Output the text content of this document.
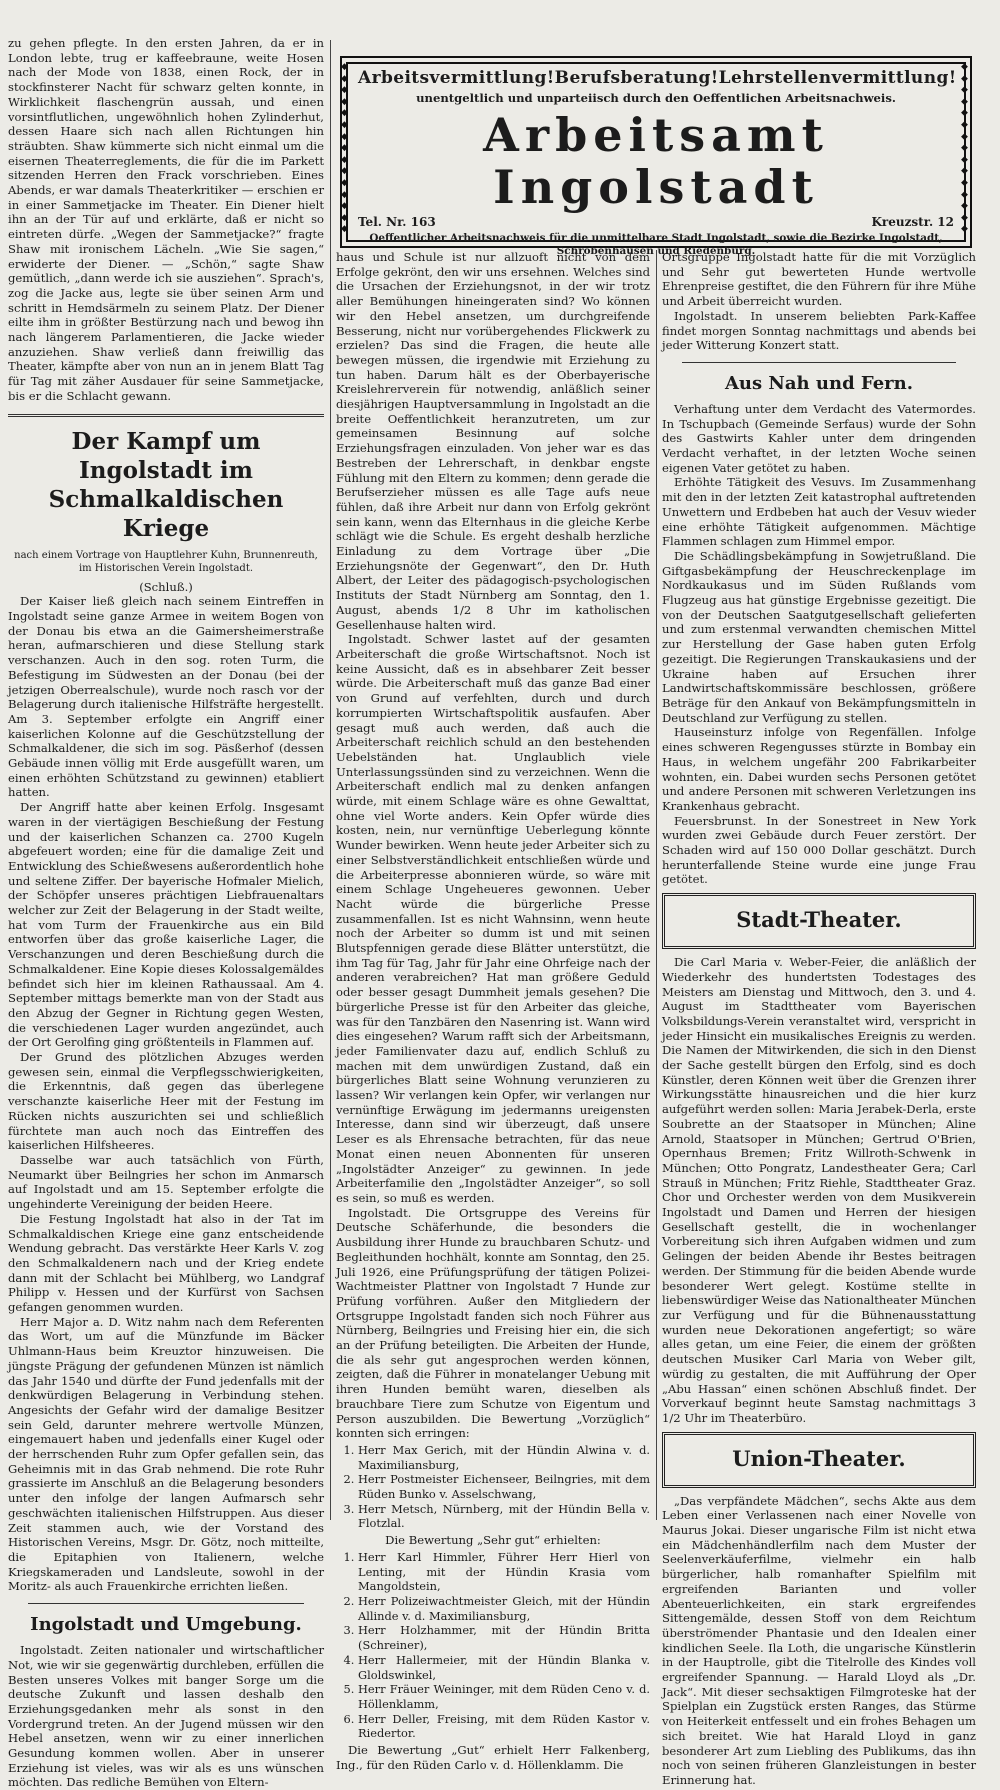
zu gehen pflegte. In den ersten Jahren, da er in London lebte, trug er kaffeebraune, weite Hosen nach der Mode von 1838, einen Rock, der in stockfinsterer Nacht für schwarz gelten konnte, in Wirklichkeit flaschengrün aussah, und einen vorsintflutlichen, ungewöhnlich hohen Zylinderhut, dessen Haare sich nach allen Richtungen hin sträubten. Shaw kümmerte sich nicht einmal um die eisernen Theaterreglements, die für die im Parkett sitzenden Herren den Frack vorschrieben. Eines Abends, er war damals Theaterkritiker — erschien er in einer Sammetjacke im Theater. Ein Diener hielt ihn an der Tür auf und erklärte, daß er nicht so eintreten dürfe. „Wegen der Sammetjacke?“ fragte Shaw mit ironischem Lächeln. „Wie Sie sagen,“ erwiderte der Diener. — „Schön,“ sagte Shaw gemütlich, „dann werde ich sie ausziehen“. Sprach's, zog die Jacke aus, legte sie über seinen Arm und schritt in Hemdsärmeln zu seinem Platz. Der Diener eilte ihm in größter Bestürzung nach und bewog ihn nach längerem Parlamentieren, die Jacke wieder anzuziehen. Shaw verließ dann freiwillig das Theater, kämpfte aber von nun an in jenem Blatt Tag für Tag mit zäher Ausdauer für seine Sammetjacke, bis er die Schlacht gewann.

Der Kampf um Ingolstadt im Schmalkaldischen Kriege
nach einem Vortrage von Hauptlehrer Kuhn, Brunnenreuth, im Historischen Verein Ingolstadt.
(Schluß.)

Der Kaiser ließ gleich nach seinem Eintreffen in Ingolstadt seine ganze Armee in weitem Bogen von der Donau bis etwa an die Gaimersheimerstraße heran, aufmarschieren und diese Stellung stark verschanzen. Auch in den sog. roten Turm, die Befestigung im Südwesten an der Donau (bei der jetzigen Oberrealschule), wurde noch rasch vor der Belagerung durch italienische Hilfsträfte hergestellt. Am 3. September erfolgte ein Angriff einer kaiserlichen Kolonne auf die Geschützstellung der Schmalkaldener, die sich im sog. Päsßerhof (dessen Gebäude innen völlig mit Erde ausgefüllt waren, um einen erhöhten Schützstand zu gewinnen) etabliert hatten.

Der Angriff hatte aber keinen Erfolg. Insgesamt waren in der viertägigen Beschießung der Festung und der kaiserlichen Schanzen ca. 2700 Kugeln abgefeuert worden; eine für die damalige Zeit und Entwicklung des Schießwesens außerordentlich hohe und seltene Ziffer. Der bayerische Hofmaler Mielich, der Schöpfer unseres prächtigen Liebfrauenaltars welcher zur Zeit der Belagerung in der Stadt weilte, hat vom Turm der Frauenkirche aus ein Bild entworfen über das große kaiserliche Lager, die Verschanzungen und deren Beschießung durch die Schmalkaldener. Eine Kopie dieses Kolossalgemäldes befindet sich hier im kleinen Rathaussaal. Am 4. September mittags bemerkte man von der Stadt aus den Abzug der Gegner in Richtung gegen Westen, die verschiedenen Lager wurden angezündet, auch der Ort Gerolfing ging größtenteils in Flammen auf.

Der Grund des plötzlichen Abzuges werden gewesen sein, einmal die Verpflegsschwierigkeiten, die Erkenntnis, daß gegen das überlegene verschanzte kaiserliche Heer mit der Festung im Rücken nichts auszurichten sei und schließlich fürchtete man auch noch das Eintreffen des kaiserlichen Hilfsheeres.

Dasselbe war auch tatsächlich von Fürth, Neumarkt über Beilngries her schon im Anmarsch auf Ingolstadt und am 15. September erfolgte die ungehinderte Vereinigung der beiden Heere.

Die Festung Ingolstadt hat also in der Tat im Schmalkaldischen Kriege eine ganz entscheidende Wendung gebracht. Das verstärkte Heer Karls V. zog den Schmalkaldenern nach und der Krieg endete dann mit der Schlacht bei Mühlberg, wo Landgraf Philipp v. Hessen und der Kurfürst von Sachsen gefangen genommen wurden.

Herr Major a. D. Witz nahm nach dem Referenten das Wort, um auf die Münzfunde im Bäcker Uhlmann-Haus beim Kreuztor hinzuweisen. Die jüngste Prägung der gefundenen Münzen ist nämlich das Jahr 1540 und dürfte der Fund jedenfalls mit der denkwürdigen Belagerung in Verbindung stehen. Angesichts der Gefahr wird der damalige Besitzer sein Geld, darunter mehrere wertvolle Münzen, eingemauert haben und jedenfalls einer Kugel oder der herrschenden Ruhr zum Opfer gefallen sein, das Geheimnis mit in das Grab nehmend. Die rote Ruhr grassierte im Anschluß an die Belagerung besonders unter den infolge der langen Aufmarsch sehr geschwächten italienischen Hilfstruppen. Aus dieser Zeit stammen auch, wie der Vorstand des Historischen Vereins, Msgr. Dr. Götz, noch mitteilte, die Epitaphien von Italienern, welche Kriegskameraden und Landsleute, sowohl in der Moritz- als auch Frauenkirche errichten ließen.

Ingolstadt und Umgebung.

Ingolstadt. Zeiten nationaler und wirtschaftlicher Not, wie wir sie gegenwärtig durchleben, erfüllen die Besten unseres Volkes mit banger Sorge um die deutsche Zukunft und lassen deshalb den Erziehungsgedanken mehr als sonst in den Vordergrund treten. An der Jugend müssen wir den Hebel ansetzen, wenn wir zu einer innerlichen Gesundung kommen wollen. Aber in unserer Erziehung ist vieles, was wir als es uns wünschen möchten. Das redliche Bemühen von Eltern-

◆
◆
◆
◆
◆
◆
◆
◆
◆
◆
◆
◆
◆
◆
◆
◆
◆
◆
◆
◆
◆
◆
◆
◆
◆
◆
◆
◆
◆
◆
Arbeitsvermittlung! Berufsberatung! Lehrstellenvermittlung!
unentgeltlich und unparteiisch durch den Oeffentlichen Arbeitsnachweis.
Arbeitsamt Ingolstadt
Tel. Nr. 163	Kreuzstr. 12
Oeffentlicher Arbeitsnachweis für die unmittelbare Stadt Ingolstadt, sowie die Bezirke Ingolstadt, Schrobenhausen und Riedenburg.

haus und Schule ist nur allzuoft nicht von dem Erfolge gekrönt, den wir uns ersehnen. Welches sind die Ursachen der Erziehungsnot, in der wir trotz aller Bemühungen hineingeraten sind? Wo können wir den Hebel ansetzen, um durchgreifende Besserung, nicht nur vorübergehendes Flickwerk zu erzielen? Das sind die Fragen, die heute alle bewegen müssen, die irgendwie mit Erziehung zu tun haben. Darum hält es der Oberbayerische Kreislehrerverein für notwendig, anläßlich seiner diesjährigen Hauptversammlung in Ingolstadt an die breite Oeffentlichkeit heranzutreten, um zur gemeinsamen Besinnung auf solche Erziehungsfragen einzuladen. Von jeher war es das Bestreben der Lehrerschaft, in denkbar engste Fühlung mit den Eltern zu kommen; denn gerade die Berufserzieher müssen es alle Tage aufs neue fühlen, daß ihre Arbeit nur dann von Erfolg gekrönt sein kann, wenn das Elternhaus in die gleiche Kerbe schlägt wie die Schule. Es ergeht deshalb herzliche Einladung zu dem Vortrage über „Die Erziehungsnöte der Gegenwart“, den Dr. Huth Albert, der Leiter des pädagogisch-psychologischen Instituts der Stadt Nürnberg am Sonntag, den 1. August, abends 1/2 8 Uhr im katholischen Gesellenhause halten wird.

Ingolstadt. Schwer lastet auf der gesamten Arbeiterschaft die große Wirtschaftsnot. Noch ist keine Aussicht, daß es in absehbarer Zeit besser würde. Die Arbeiterschaft muß das ganze Bad einer von Grund auf verfehlten, durch und durch korrumpierten Wirtschaftspolitik ausfaufen. Aber gesagt muß auch werden, daß auch die Arbeiterschaft reichlich schuld an den bestehenden Uebelständen hat. Unglaublich viele Unterlassungssünden sind zu verzeichnen. Wenn die Arbeiterschaft endlich mal zu denken anfangen würde, mit einem Schlage wäre es ohne Gewalttat, ohne viel Worte anders. Kein Opfer würde dies kosten, nein, nur vernünftige Ueberlegung könnte Wunder bewirken. Wenn heute jeder Arbeiter sich zu einer Selbstverständlichkeit entschließen würde und die Arbeiterpresse abonnieren würde, so wäre mit einem Schlage Ungeheueres gewonnen. Ueber Nacht würde die bürgerliche Presse zusammenfallen. Ist es nicht Wahnsinn, wenn heute noch der Arbeiter so dumm ist und mit seinen Blutspfennigen gerade diese Blätter unterstützt, die ihm Tag für Tag, Jahr für Jahr eine Ohrfeige nach der anderen verabreichen? Hat man größere Geduld oder besser gesagt Dummheit jemals gesehen? Die bürgerliche Presse ist für den Arbeiter das gleiche, was für den Tanzbären den Nasenring ist. Wann wird dies eingesehen? Warum rafft sich der Arbeitsmann, jeder Familienvater dazu auf, endlich Schluß zu machen mit dem unwürdigen Zustand, daß ein bürgerliches Blatt seine Wohnung verunzieren zu lassen? Wir verlangen kein Opfer, wir verlangen nur vernünftige Erwägung im jedermanns ureigensten Interesse, dann sind wir überzeugt, daß unsere Leser es als Ehrensache betrachten, für das neue Monat einen neuen Abonnenten für unseren „Ingolstädter Anzeiger“ zu gewinnen. In jede Arbeiterfamilie den „Ingolstädter Anzeiger“, so soll es sein, so muß es werden.

Ingolstadt. Die Ortsgruppe des Vereins für Deutsche Schäferhunde, die besonders die Ausbildung ihrer Hunde zu brauchbaren Schutz- und Begleithunden hochhält, konnte am Sonntag, den 25. Juli 1926, eine Prüfungsprüfung der tätigen Polizei-Wachtmeister Plattner von Ingolstadt 7 Hunde zur Prüfung vorführen. Außer den Mitgliedern der Ortsgruppe Ingolstadt fanden sich noch Führer aus Nürnberg, Beilngries und Freising hier ein, die sich an der Prüfung beteiligten. Die Arbeiten der Hunde, die als sehr gut angesprochen werden können, zeigten, daß die Führer in monatelanger Uebung mit ihren Hunden bemüht waren, dieselben als brauchbare Tiere zum Schutze von Eigentum und Person auszubilden. Die Bewertung „Vorzüglich“ konnten sich erringen:

1. Herr Max Gerich, mit der Hündin Alwina v. d. Maximiliansburg,
2. Herr Postmeister Eichenseer, Beilngries, mit dem Rüden Bunko v. Asselschwang,
3. Herr Metsch, Nürnberg, mit der Hündin Bella v. Flotzlal.
Die Bewertung „Sehr gut“ erhielten:
1. Herr Karl Himmler, Führer Herr Hierl von Lenting, mit der Hündin Krasia vom Mangoldstein,
2. Herr Polizeiwachtmeister Gleich, mit der Hündin Allinde v. d. Maximiliansburg,
3. Herr Holzhammer, mit der Hündin Britta (Schreiner),
4. Herr Hallermeier, mit der Hündin Blanka v. Gloldswinkel,
5. Herr Fräuer Weininger, mit dem Rüden Ceno v. d. Höllenklamm,
6. Herr Deller, Freising, mit dem Rüden Kastor v. Riedertor.

Die Bewertung „Gut“ erhielt Herr Falkenberg, Ing., für den Rüden Carlo v. d. Höllenklamm. Die

Ortsgruppe Ingolstadt hatte für die mit Vorzüglich und Sehr gut bewerteten Hunde wertvolle Ehrenpreise gestiftet, die den Führern für ihre Mühe und Arbeit überreicht wurden.

Ingolstadt. In unserem beliebten Park-Kaffee findet morgen Sonntag nachmittags und abends bei jeder Witterung Konzert statt.

Aus Nah und Fern.

Verhaftung unter dem Verdacht des Vatermordes. In Tschupbach (Gemeinde Serfaus) wurde der Sohn des Gastwirts Kahler unter dem dringenden Verdacht verhaftet, in der letzten Woche seinen eigenen Vater getötet zu haben.

Erhöhte Tätigkeit des Vesuvs. Im Zusammenhang mit den in der letzten Zeit katastrophal auftretenden Unwettern und Erdbeben hat auch der Vesuv wieder eine erhöhte Tätigkeit aufgenommen. Mächtige Flammen schlagen zum Himmel empor.

Die Schädlingsbekämpfung in Sowjetrußland. Die Giftgasbekämpfung der Heuschreckenplage im Nordkaukasus und im Süden Rußlands vom Flugzeug aus hat günstige Ergebnisse gezeitigt. Die von der Deutschen Saatgutgesellschaft gelieferten und zum erstenmal verwandten chemischen Mittel zur Herstellung der Gase haben guten Erfolg gezeitigt. Die Regierungen Transkaukasiens und der Ukraine haben auf Ersuchen ihrer Landwirtschaftskommissäre beschlossen, größere Beträge für den Ankauf von Bekämpfungsmitteln in Deutschland zur Verfügung zu stellen.

Hauseinsturz infolge von Regenfällen. Infolge eines schweren Regengusses stürzte in Bombay ein Haus, in welchem ungefähr 200 Fabrikarbeiter wohnten, ein. Dabei wurden sechs Personen getötet und andere Personen mit schweren Verletzungen ins Krankenhaus gebracht.

Feuersbrunst. In der Sonestreet in New York wurden zwei Gebäude durch Feuer zerstört. Der Schaden wird auf 150 000 Dollar geschätzt. Durch herunterfallende Steine wurde eine junge Frau getötet.

Stadt-Theater.

Die Carl Maria v. Weber-Feier, die anläßlich der Wiederkehr des hundertsten Todestages des Meisters am Dienstag und Mittwoch, den 3. und 4. August im Stadttheater vom Bayerischen Volksbildungs-Verein veranstaltet wird, verspricht in jeder Hinsicht ein musikalisches Ereignis zu werden. Die Namen der Mitwirkenden, die sich in den Dienst der Sache gestellt bürgen den Erfolg, sind es doch Künstler, deren Können weit über die Grenzen ihrer Wirkungsstätte hinausreichen und die hier kurz aufgeführt werden sollen: Maria Jerabek-Derla, erste Soubrette an der Staatsoper in München; Aline Arnold, Staatsoper in München; Gertrud O'Brien, Opernhaus Bremen; Fritz Willroth-Schwenk in München; Otto Pongratz, Landestheater Gera; Carl Strauß in München; Fritz Riehle, Stadttheater Graz. Chor und Orchester werden von dem Musikverein Ingolstadt und Damen und Herren der hiesigen Gesellschaft gestellt, die in wochenlanger Vorbereitung sich ihren Aufgaben widmen und zum Gelingen der beiden Abende ihr Bestes beitragen werden. Der Stimmung für die beiden Abende wurde besonderer Wert gelegt. Kostüme stellte in liebenswürdiger Weise das Nationaltheater München zur Verfügung und für die Bühnenausstattung wurden neue Dekorationen angefertigt; so wäre alles getan, um eine Feier, die einem der größten deutschen Musiker Carl Maria von Weber gilt, würdig zu gestalten, die mit Aufführung der Oper „Abu Hassan“ einen schönen Abschluß findet. Der Vorverkauf beginnt heute Samstag nachmittags 3 1/2 Uhr im Theaterbüro.

Union-Theater.

„Das verpfändete Mädchen“, sechs Akte aus dem Leben einer Verlassenen nach einer Novelle von Maurus Jokai. Dieser ungarische Film ist nicht etwa ein Mädchenhändlerfilm nach dem Muster der Seelenverkäuferfilme, vielmehr ein halb bürgerlicher, halb romanhafter Spielfilm mit ergreifenden Barianten und voller Abenteuerlichkeiten, ein stark ergreifendes Sittengemälde, dessen Stoff von dem Reichtum überströmender Phantasie und den Idealen einer kindlichen Seele. Ila Loth, die ungarische Künstlerin in der Hauptrolle, gibt die Titelrolle des Kindes voll ergreifender Spannung. — Harald Lloyd als „Dr. Jack“. Mit dieser sechsaktigen Filmgroteske hat der Spielplan ein Zugstück ersten Ranges, das Stürme von Heiterkeit entfesselt und ein frohes Behagen um sich breitet. Wie hat Harald Lloyd in ganz besonderer Art zum Liebling des Publikums, das ihn noch von seinen früheren Glanzleistungen in bester Erinnerung hat.
